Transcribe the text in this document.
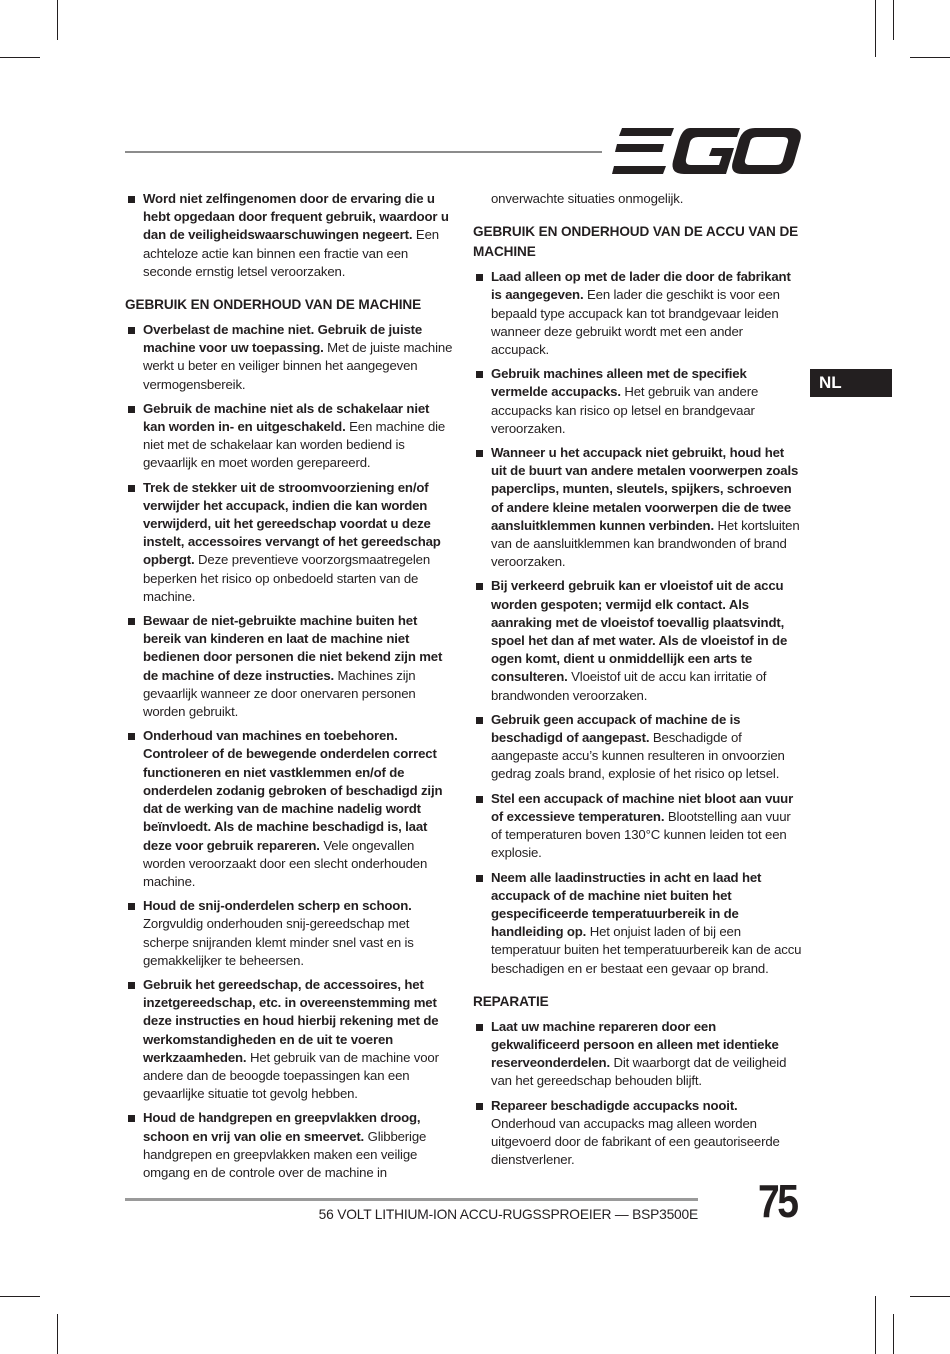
NL
Word niet zelfingenomen door de ervaring die u hebt opgedaan door frequent gebruik, waardoor u dan de veiligheidswaarschuwingen negeert. Een achteloze actie kan binnen een fractie van een seconde ernstig letsel veroorzaken.
GEBRUIK EN ONDERHOUD VAN DE MACHINE
Overbelast de machine niet. Gebruik de juiste machine voor uw toepassing. Met de juiste machine werkt u beter en veiliger binnen het aangegeven vermogensbereik.
Gebruik de machine niet als de schakelaar niet kan worden in- en uitgeschakeld. Een machine die niet met de schakelaar kan worden bediend is gevaarlijk en moet worden gerepareerd.
Trek de stekker uit de stroomvoorziening en/of verwijder het accupack, indien die kan worden verwijderd, uit het gereedschap voordat u deze instelt, accessoires vervangt of het gereedschap opbergt. Deze preventieve voorzorgsmaatregelen beperken het risico op onbedoeld starten van de machine.
Bewaar de niet-gebruikte machine buiten het bereik van kinderen en laat de machine niet bedienen door personen die niet bekend zijn met de machine of deze instructies. Machines zijn gevaarlijk wanneer ze door onervaren personen worden gebruikt.
Onderhoud van machines en toebehoren. Controleer of de bewegende onderdelen correct functioneren en niet vastklemmen en/of de onderdelen zodanig gebroken of beschadigd zijn dat de werking van de machine nadelig wordt beïnvloedt. Als de machine beschadigd is, laat deze voor gebruik repareren. Vele ongevallen worden veroorzaakt door een slecht onderhouden machine.
Houd de snij-onderdelen scherp en schoon. Zorgvuldig onderhouden snij-gereedschap met scherpe snijranden klemt minder snel vast en is gemakkelijker te beheersen.
Gebruik het gereedschap, de accessoires, het inzetgereedschap, etc. in overeenstemming met deze instructies en houd hierbij rekening met de werkomstandigheden en de uit te voeren werkzaamheden. Het gebruik van de machine voor andere dan de beoogde toepassingen kan een gevaarlijke situatie tot gevolg hebben.
Houd de handgrepen en greepvlakken droog, schoon en vrij van olie en smeervet. Glibberige handgrepen en greepvlakken maken een veilige omgang en de controle over de machine in

onverwachte situaties onmogelijk.

GEBRUIK EN ONDERHOUD VAN DE ACCU VAN DE MACHINE
Laad alleen op met de lader die door de fabrikant is aangegeven. Een lader die geschikt is voor een bepaald type accupack kan tot brandgevaar leiden wanneer deze gebruikt wordt met een ander accupack.
Gebruik machines alleen met de specifiek vermelde accupacks. Het gebruik van andere accupacks kan risico op letsel en brandgevaar veroorzaken.
Wanneer u het accupack niet gebruikt, houd het uit de buurt van andere metalen voorwerpen zoals paperclips, munten, sleutels, spijkers, schroeven of andere kleine metalen voorwerpen die de twee aansluitklemmen kunnen verbinden. Het kortsluiten van de aansluitklemmen kan brandwonden of brand veroorzaken.
Bij verkeerd gebruik kan er vloeistof uit de accu worden gespoten; vermijd elk contact. Als aanraking met de vloeistof toevallig plaatsvindt, spoel het dan af met water. Als de vloeistof in de ogen komt, dient u onmiddellijk een arts te consulteren. Vloeistof uit de accu kan irritatie of brandwonden veroorzaken.
Gebruik geen accupack of machine de is beschadigd of aangepast. Beschadigde of aangepaste accu’s kunnen resulteren in onvoorzien gedrag zoals brand, explosie of het risico op letsel.
Stel een accupack of machine niet bloot aan vuur of excessieve temperaturen. Blootstelling aan vuur of temperaturen boven 130°C kunnen leiden tot een explosie.
Neem alle laadinstructies in acht en laad het accupack of de machine niet buiten het gespecificeerde temperatuurbereik in de handleiding op. Het onjuist laden of bij een temperatuur buiten het temperatuurbereik kan de accu beschadigen en er bestaat een gevaar op brand.
REPARATIE
Laat uw machine repareren door een gekwalificeerd persoon en alleen met identieke reserveonderdelen. Dit waarborgt dat de veiligheid van het gereedschap behouden blijft.
Repareer beschadigde accupacks nooit. Onderhoud van accupacks mag alleen worden uitgevoerd door de fabrikant of een geautoriseerde dienstverlener.
56 VOLT LITHIUM-ION ACCU-RUGSSPROEIER — BSP3500E 75
